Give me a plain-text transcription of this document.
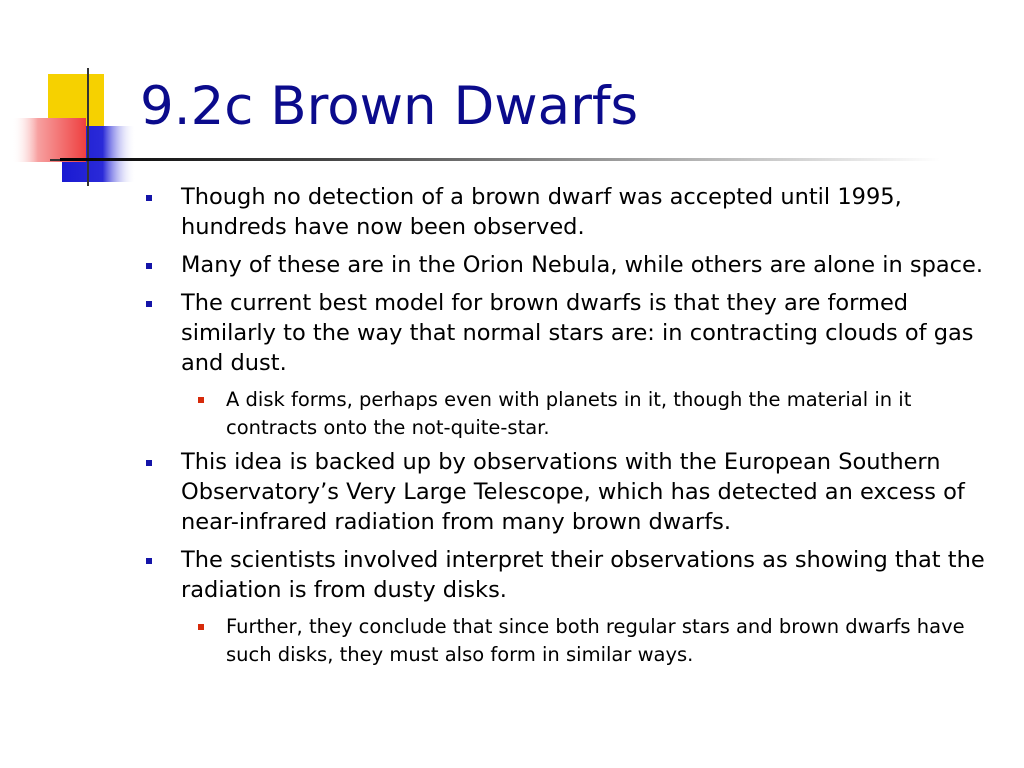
9.2c Brown Dwarfs
Though no detection of a brown dwarf was accepted until 1995, hundreds have now been observed.
Many of these are in the Orion Nebula, while others are alone in space.
The current best model for brown dwarfs is that they are formed similarly to the way that normal stars are: in contracting clouds of gas and dust.
A disk forms, perhaps even with planets in it, though the material in it contracts onto the not-quite-star.
This idea is backed up by observations with the European Southern Observatory’s Very Large Telescope, which has detected an excess of near-infrared radiation from many brown dwarfs.
The scientists involved interpret their observations as showing that the radiation is from dusty disks.
Further, they conclude that since both regular stars and brown dwarfs have such disks, they must also form in similar ways.
